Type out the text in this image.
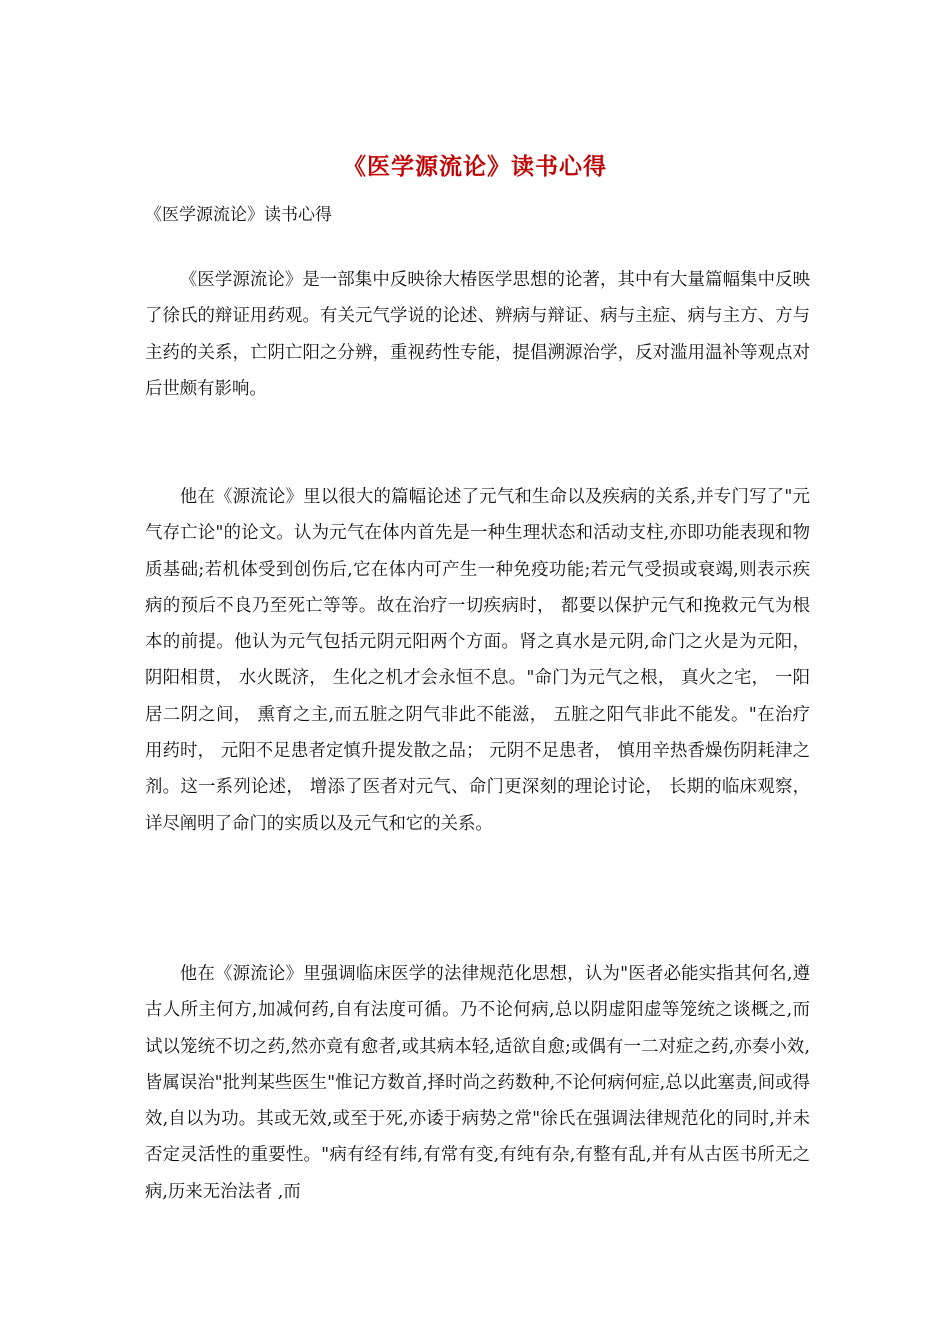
《医学源流论》读书心得

《医学源流论》读书心得

《医学源流论》是一部集中反映徐大椿医学思想的论著，其中有大量篇幅集中反映了徐氏的辩证用药观。有关元气学说的论述、辨病与辩证、病与主症、病与主方、方与主药的关系，亡阴亡阳之分辨，重视药性专能，提倡溯源治学，反对滥用温补等观点对后世颇有影响。

他在《源流论》里以很大的篇幅论述了元气和生命以及疾病的关系,并专门写了"元气存亡论"的论文。认为元气在体内首先是一种生理状态和活动支柱,亦即功能表现和物质基础;若机体受到创伤后,它在体内可产生一种免疫功能;若元气受损或衰竭,则表示疾病的预后不良乃至死亡等等。故在治疗一切疾病时， 都要以保护元气和挽救元气为根本的前提。他认为元气包括元阴元阳两个方面。肾之真水是元阴,命门之火是为元阳， 阴阳相贯， 水火既济， 生化之机才会永恒不息。"命门为元气之根， 真火之宅， 一阳居二阴之间， 熏育之主,而五脏之阴气非此不能滋， 五脏之阳气非此不能发。"在治疗用药时， 元阳不足患者定慎升提发散之品； 元阴不足患者， 慎用辛热香燥伤阴耗津之剂。这一系列论述， 增添了医者对元气、命门更深刻的理论讨论， 长期的临床观察， 详尽阐明了命门的实质以及元气和它的关系。

他在《源流论》里强调临床医学的法律规范化思想，认为"医者必能实指其何名,遵古人所主何方,加减何药,自有法度可循。乃不论何病,总以阴虚阳虚等笼统之谈概之,而试以笼统不切之药,然亦竟有愈者,或其病本轻,适欲自愈;或偶有一二对症之药,亦奏小效,皆属误治"批判某些医生"惟记方数首,择时尚之药数种,不论何病何症,总以此塞责,间或得效,自以为功。其或无效,或至于死,亦诿于病势之常"徐氏在强调法律规范化的同时,并未否定灵活性的重要性。"病有经有纬,有常有变,有纯有杂,有整有乱,并有从古医书所无之病,历来无治法者 ,而
